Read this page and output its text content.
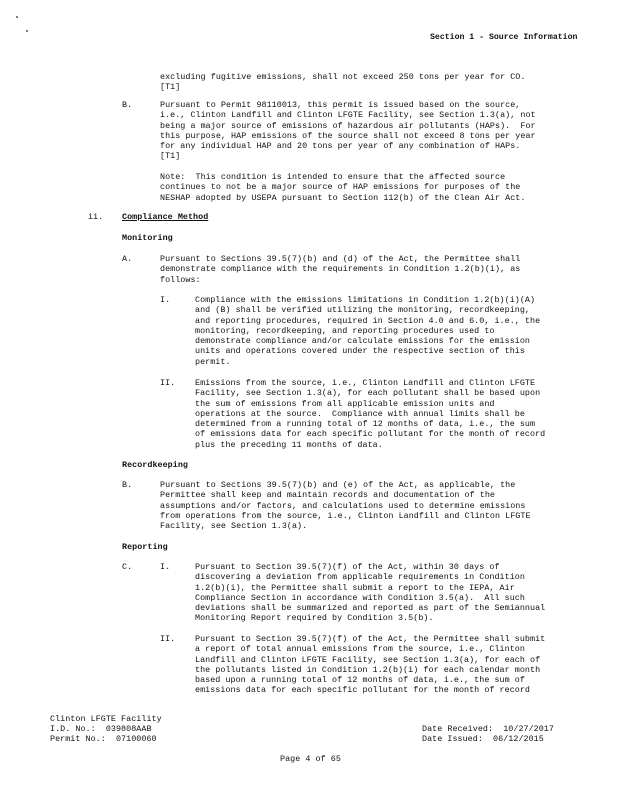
Section 1 - Source Information
excluding fugitive emissions, shall not exceed 250 tons per year for CO.
[T1]
B.	Pursuant to Permit 98110013, this permit is issued based on the source,
i.e., Clinton Landfill and Clinton LFGTE Facility, see Section 1.3(a), not
being a major source of emissions of hazardous air pollutants (HAPs).  For
this purpose, HAP emissions of the source shall not exceed 8 tons per year
for any individual HAP and 20 tons per year of any combination of HAPs.
[T1]
Note:  This condition is intended to ensure that the affected source
continues to not be a major source of HAP emissions for purposes of the
NESHAP adopted by USEPA pursuant to Section 112(b) of the Clean Air Act.
ii. Compliance Method
Monitoring
A.	Pursuant to Sections 39.5(7)(b) and (d) of the Act, the Permittee shall
demonstrate compliance with the requirements in Condition 1.2(b)(i), as
follows:
I.	Compliance with the emissions limitations in Condition 1.2(b)(i)(A)
and (B) shall be verified utilizing the monitoring, recordkeeping,
and reporting procedures, required in Section 4.0 and 6.0, i.e., the
monitoring, recordkeeping, and reporting procedures used to
demonstrate compliance and/or calculate emissions for the emission
units and operations covered under the respective section of this
permit.
II. Emissions from the source, i.e., Clinton Landfill and Clinton LFGTE
Facility, see Section 1.3(a), for each pollutant shall be based upon
the sum of emissions from all applicable emission units and
operations at the source.  Compliance with annual limits shall be
determined from a running total of 12 months of data, i.e., the sum
of emissions data for each specific pollutant for the month of record
plus the preceding 11 months of data.
Recordkeeping
B.	Pursuant to Sections 39.5(7)(b) and (e) of the Act, as applicable, the
Permittee shall keep and maintain records and documentation of the
assumptions and/or factors, and calculations used to determine emissions
from operations from the source, i.e., Clinton Landfill and Clinton LFGTE
Facility, see Section 1.3(a).
Reporting
C.	I.	Pursuant to Section 39.5(7)(f) of the Act, within 30 days of
discovering a deviation from applicable requirements in Condition
1.2(b)(i), the Permittee shall submit a report to the IEPA, Air
Compliance Section in accordance with Condition 3.5(a).  All such
deviations shall be summarized and reported as part of the Semiannual
Monitoring Report required by Condition 3.5(b).
II. Pursuant to Section 39.5(7)(f) of the Act, the Permittee shall submit
a report of total annual emissions from the source, i.e., Clinton
Landfill and Clinton LFGTE Facility, see Section 1.3(a), for each of
the pollutants listed in Condition 1.2(b)(i) for each calendar month
based upon a running total of 12 months of data, i.e., the sum of
emissions data for each specific pollutant for the month of record
Clinton LFGTE Facility
I.D. No.:  039808AAB
Permit No.:  07100060
Date Received:  10/27/2017
Date Issued:  06/12/2015
Page 4 of 65
